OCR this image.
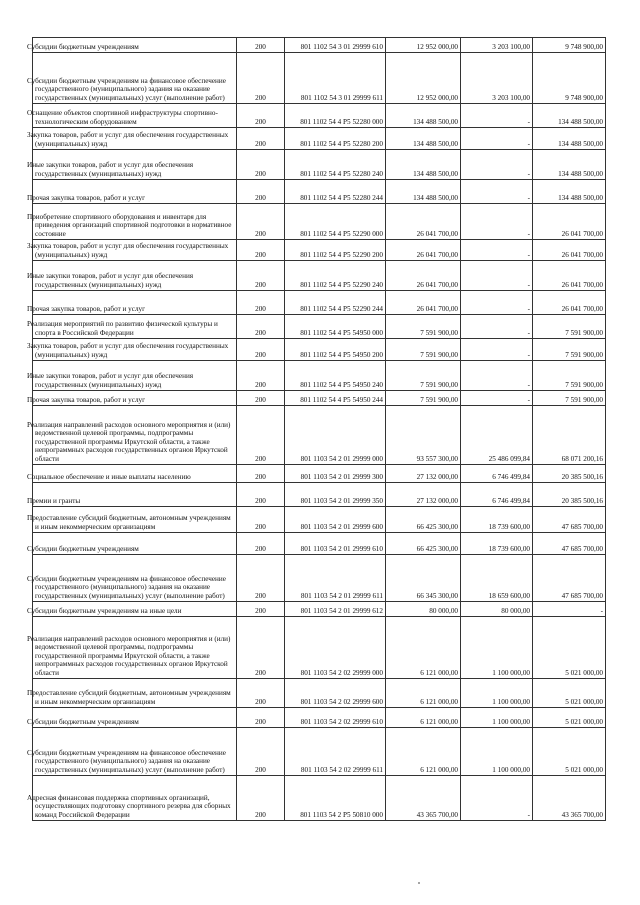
Субсидии бюджетным учреждениям	200	801 1102 54 3 01 29999 610	12 952 000,00	3 203 100,00	9 748 900,00
Субсидии бюджетным учреждениям на финансовое обеспечение государственного (муниципального) задания на оказание государственных (муниципальных) услуг (выполнение работ)	200	801 1102 54 3 01 29999 611	12 952 000,00	3 203 100,00	9 748 900,00
Оснащение объектов спортивной инфраструктуры спортивно-технологическим оборудованием	200	801 1102 54 4 P5 52280 000	134 488 500,00	-	134 488 500,00
Закупка товаров, работ и услуг для обеспечения государственных (муниципальных) нужд	200	801 1102 54 4 P5 52280 200	134 488 500,00	-	134 488 500,00
Иные закупки товаров, работ и услуг для обеспечения государственных (муниципальных) нужд	200	801 1102 54 4 P5 52280 240	134 488 500,00	-	134 488 500,00
Прочая закупка товаров, работ и услуг	200	801 1102 54 4 P5 52280 244	134 488 500,00	-	134 488 500,00
Приобретение спортивного оборудования и инвентаря для приведения организаций спортивной подготовки в нормативное состояние	200	801 1102 54 4 P5 52290 000	26 041 700,00	-	26 041 700,00
Закупка товаров, работ и услуг для обеспечения государственных (муниципальных) нужд	200	801 1102 54 4 P5 52290 200	26 041 700,00	-	26 041 700,00
Иные закупки товаров, работ и услуг для обеспечения государственных (муниципальных) нужд	200	801 1102 54 4 P5 52290 240	26 041 700,00	-	26 041 700,00
Прочая закупка товаров, работ и услуг	200	801 1102 54 4 P5 52290 244	26 041 700,00	-	26 041 700,00
Реализация мероприятий по развитию физической культуры и спорта в Российской Федерации	200	801 1102 54 4 P5 54950 000	7 591 900,00	-	7 591 900,00
Закупка товаров, работ и услуг для обеспечения государственных (муниципальных) нужд	200	801 1102 54 4 P5 54950 200	7 591 900,00	-	7 591 900,00
Иные закупки товаров, работ и услуг для обеспечения государственных (муниципальных) нужд	200	801 1102 54 4 P5 54950 240	7 591 900,00	-	7 591 900,00
Прочая закупка товаров, работ и услуг	200	801 1102 54 4 P5 54950 244	7 591 900,00	-	7 591 900,00
Реализация направлений расходов основного мероприятия и (или) ведомственной целевой программы, подпрограммы государственной программы Иркутской области, а также непрограммных расходов государственных органов Иркутской области	200	801 1103 54 2 01 29999 000	93 557 300,00	25 486 099,84	68 071 200,16
Социальное обеспечение и иные выплаты населению	200	801 1103 54 2 01 29999 300	27 132 000,00	6 746 499,84	20 385 500,16
Премии и гранты	200	801 1103 54 2 01 29999 350	27 132 000,00	6 746 499,84	20 385 500,16
Предоставление субсидий бюджетным, автономным учреждениям и иным некоммерческим организациям	200	801 1103 54 2 01 29999 600	66 425 300,00	18 739 600,00	47 685 700,00
Субсидии бюджетным учреждениям	200	801 1103 54 2 01 29999 610	66 425 300,00	18 739 600,00	47 685 700,00
Субсидии бюджетным учреждениям на финансовое обеспечение государственного (муниципального) задания на оказание государственных (муниципальных) услуг (выполнение работ)	200	801 1103 54 2 01 29999 611	66 345 300,00	18 659 600,00	47 685 700,00
Субсидии бюджетным учреждениям на иные цели	200	801 1103 54 2 01 29999 612	80 000,00	80 000,00	-
Реализация направлений расходов основного мероприятия и (или) ведомственной целевой программы, подпрограммы государственной программы Иркутской области, а также непрограммных расходов государственных органов Иркутской области	200	801 1103 54 2 02 29999 000	6 121 000,00	1 100 000,00	5 021 000,00
Предоставление субсидий бюджетным, автономным учреждениям и иным некоммерческим организациям	200	801 1103 54 2 02 29999 600	6 121 000,00	1 100 000,00	5 021 000,00
Субсидии бюджетным учреждениям	200	801 1103 54 2 02 29999 610	6 121 000,00	1 100 000,00	5 021 000,00
Субсидии бюджетным учреждениям на финансовое обеспечение государственного (муниципального) задания на оказание государственных (муниципальных) услуг (выполнение работ)	200	801 1103 54 2 02 29999 611	6 121 000,00	1 100 000,00	5 021 000,00
Адресная финансовая поддержка спортивных организаций, осуществляющих подготовку спортивного резерва для сборных команд Российской Федерации	200	801 1103 54 2 P5 50810 000	43 365 700,00	-	43 365 700,00
